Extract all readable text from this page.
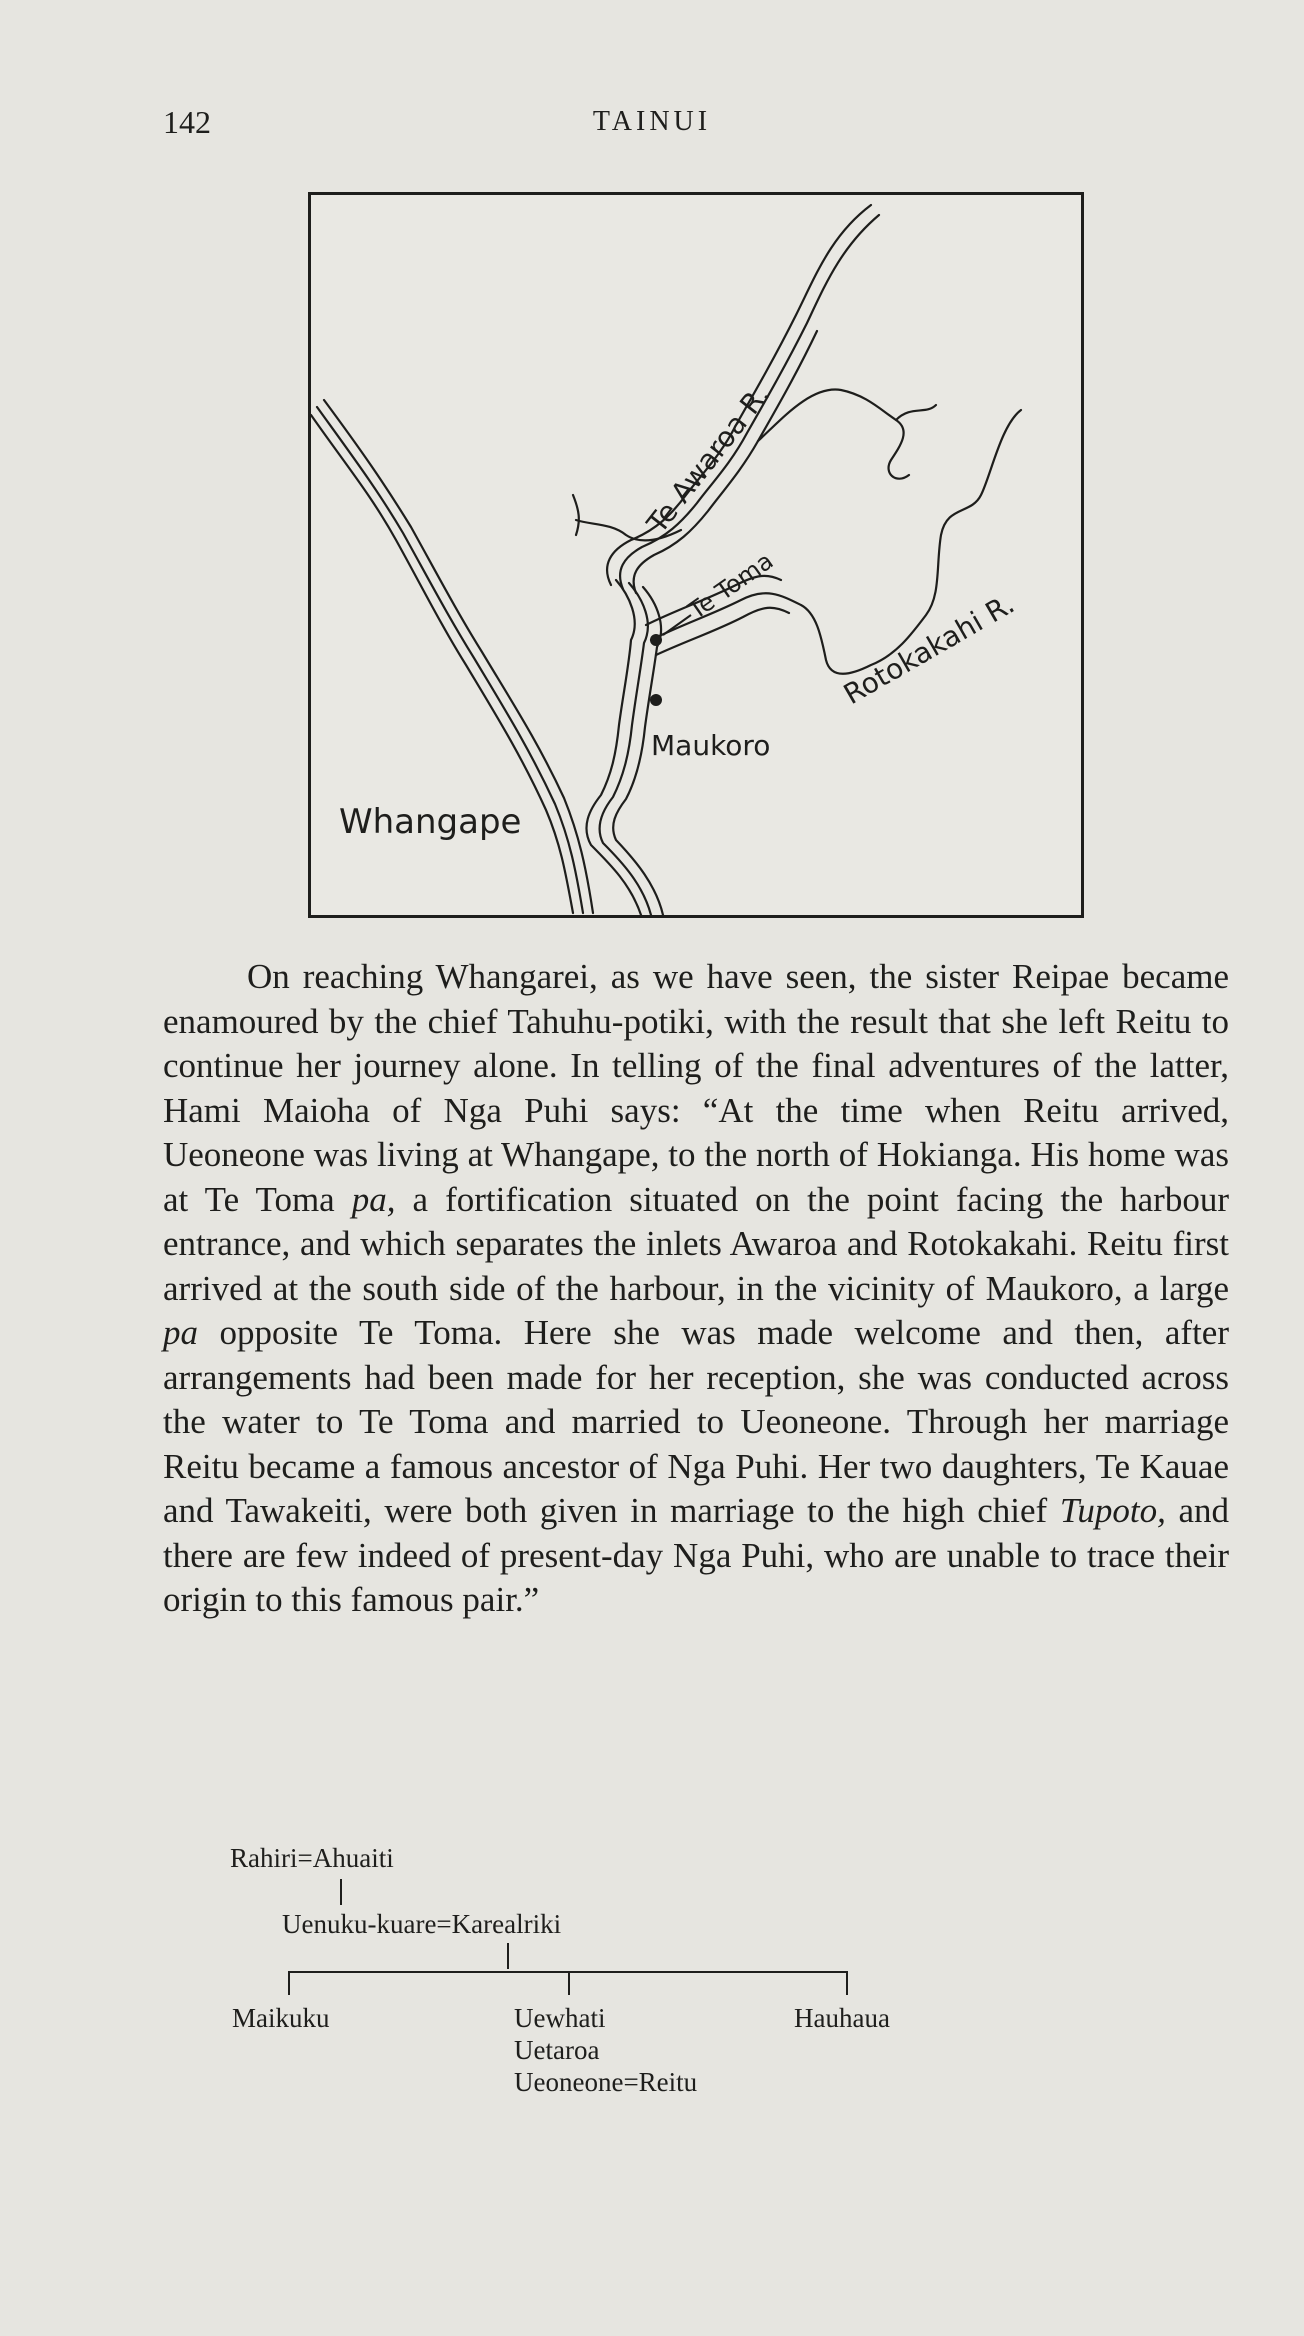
142	TAINUI
Te Awaroa R.
Te Toma
Rotokakahi R.
Maukoro
Whangape

On reaching Whangarei, as we have seen, the sister Reipae became enamoured by the chief Tahuhu-potiki, with the result that she left Reitu to continue her journey alone. In telling of the final adventures of the latter, Hami Maioha of Nga Puhi says: “At the time when Reitu arrived, Ueoneone was living at Whangape, to the north of Hokianga. His home was at Te Toma pa, a fortification situated on the point facing the harbour entrance, and which separates the inlets Awaroa and Rotokakahi. Reitu first arrived at the south side of the harbour, in the vicinity of Maukoro, a large pa opposite Te Toma. Here she was made welcome and then, after arrangements had been made for her reception, she was conducted across the water to Te Toma and married to Ueoneone. Through her marriage Reitu became a famous ancestor of Nga Puhi. Her two daughters, Te Kauae and Tawakeiti, were both given in marriage to the high chief Tupoto, and there are few indeed of present-day Nga Puhi, who are unable to trace their origin to this famous pair.”

Rahiri=Ahuaiti
Uenuku-kuare=Karealriki
Maikuku	Uewhati	Hauhaua
Uetaroa
Ueoneone=Reitu
